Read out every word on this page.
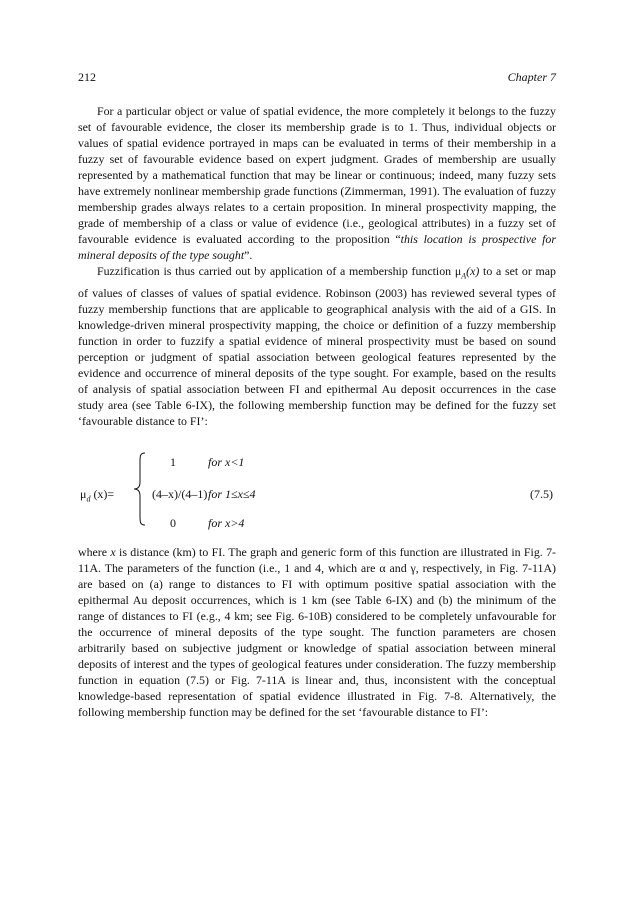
212	Chapter 7

For a particular object or value of spatial evidence, the more completely it belongs to the fuzzy set of favourable evidence, the closer its membership grade is to 1. Thus, individual objects or values of spatial evidence portrayed in maps can be evaluated in terms of their membership in a fuzzy set of favourable evidence based on expert judgment. Grades of membership are usually represented by a mathematical function that may be linear or continuous; indeed, many fuzzy sets have extremely nonlinear membership grade functions (Zimmerman, 1991). The evaluation of fuzzy membership grades always relates to a certain proposition. In mineral prospectivity mapping, the grade of membership of a class or value of evidence (i.e., geological attributes) in a fuzzy set of favourable evidence is evaluated according to the proposition “this location is prospective for mineral deposits of the type sought”.

Fuzzification is thus carried out by application of a membership function $\mu_A(x)$ to a set or map of values of classes of values of spatial evidence. Robinson (2003) has reviewed several types of fuzzy membership functions that are applicable to geographical analysis with the aid of a GIS. In knowledge-driven mineral prospectivity mapping, the choice or definition of a fuzzy membership function in order to fuzzify a spatial evidence of mineral prospectivity must be based on sound perception or judgment of spatial association between geological features represented by the evidence and occurrence of mineral deposits of the type sought. For example, based on the results of analysis of spatial association between FI and epithermal Au deposit occurrences in the case study area (see Table 6-IX), the following membership function may be defined for the fuzzy set ‘favourable distance to FI’:

$\mu_d$ (x)=
1	for x<1
(4–x)/(4–1) for 1≤x≤4
0	for x>4
(7.5)

where x is distance (km) to FI. The graph and generic form of this function are illustrated in Fig. 7-11A. The parameters of the function (i.e., 1 and 4, which are α and γ, respectively, in Fig. 7-11A) are based on (a) range to distances to FI with optimum positive spatial association with the epithermal Au deposit occurrences, which is 1 km (see Table 6-IX) and (b) the minimum of the range of distances to FI (e.g., 4 km; see Fig. 6-10B) considered to be completely unfavourable for the occurrence of mineral deposits of the type sought. The function parameters are chosen arbitrarily based on subjective judgment or knowledge of spatial association between mineral deposits of interest and the types of geological features under consideration. The fuzzy membership function in equation (7.5) or Fig. 7-11A is linear and, thus, inconsistent with the conceptual knowledge-based representation of spatial evidence illustrated in Fig. 7-8. Alternatively, the following membership function may be defined for the set ‘favourable distance to FI’:
